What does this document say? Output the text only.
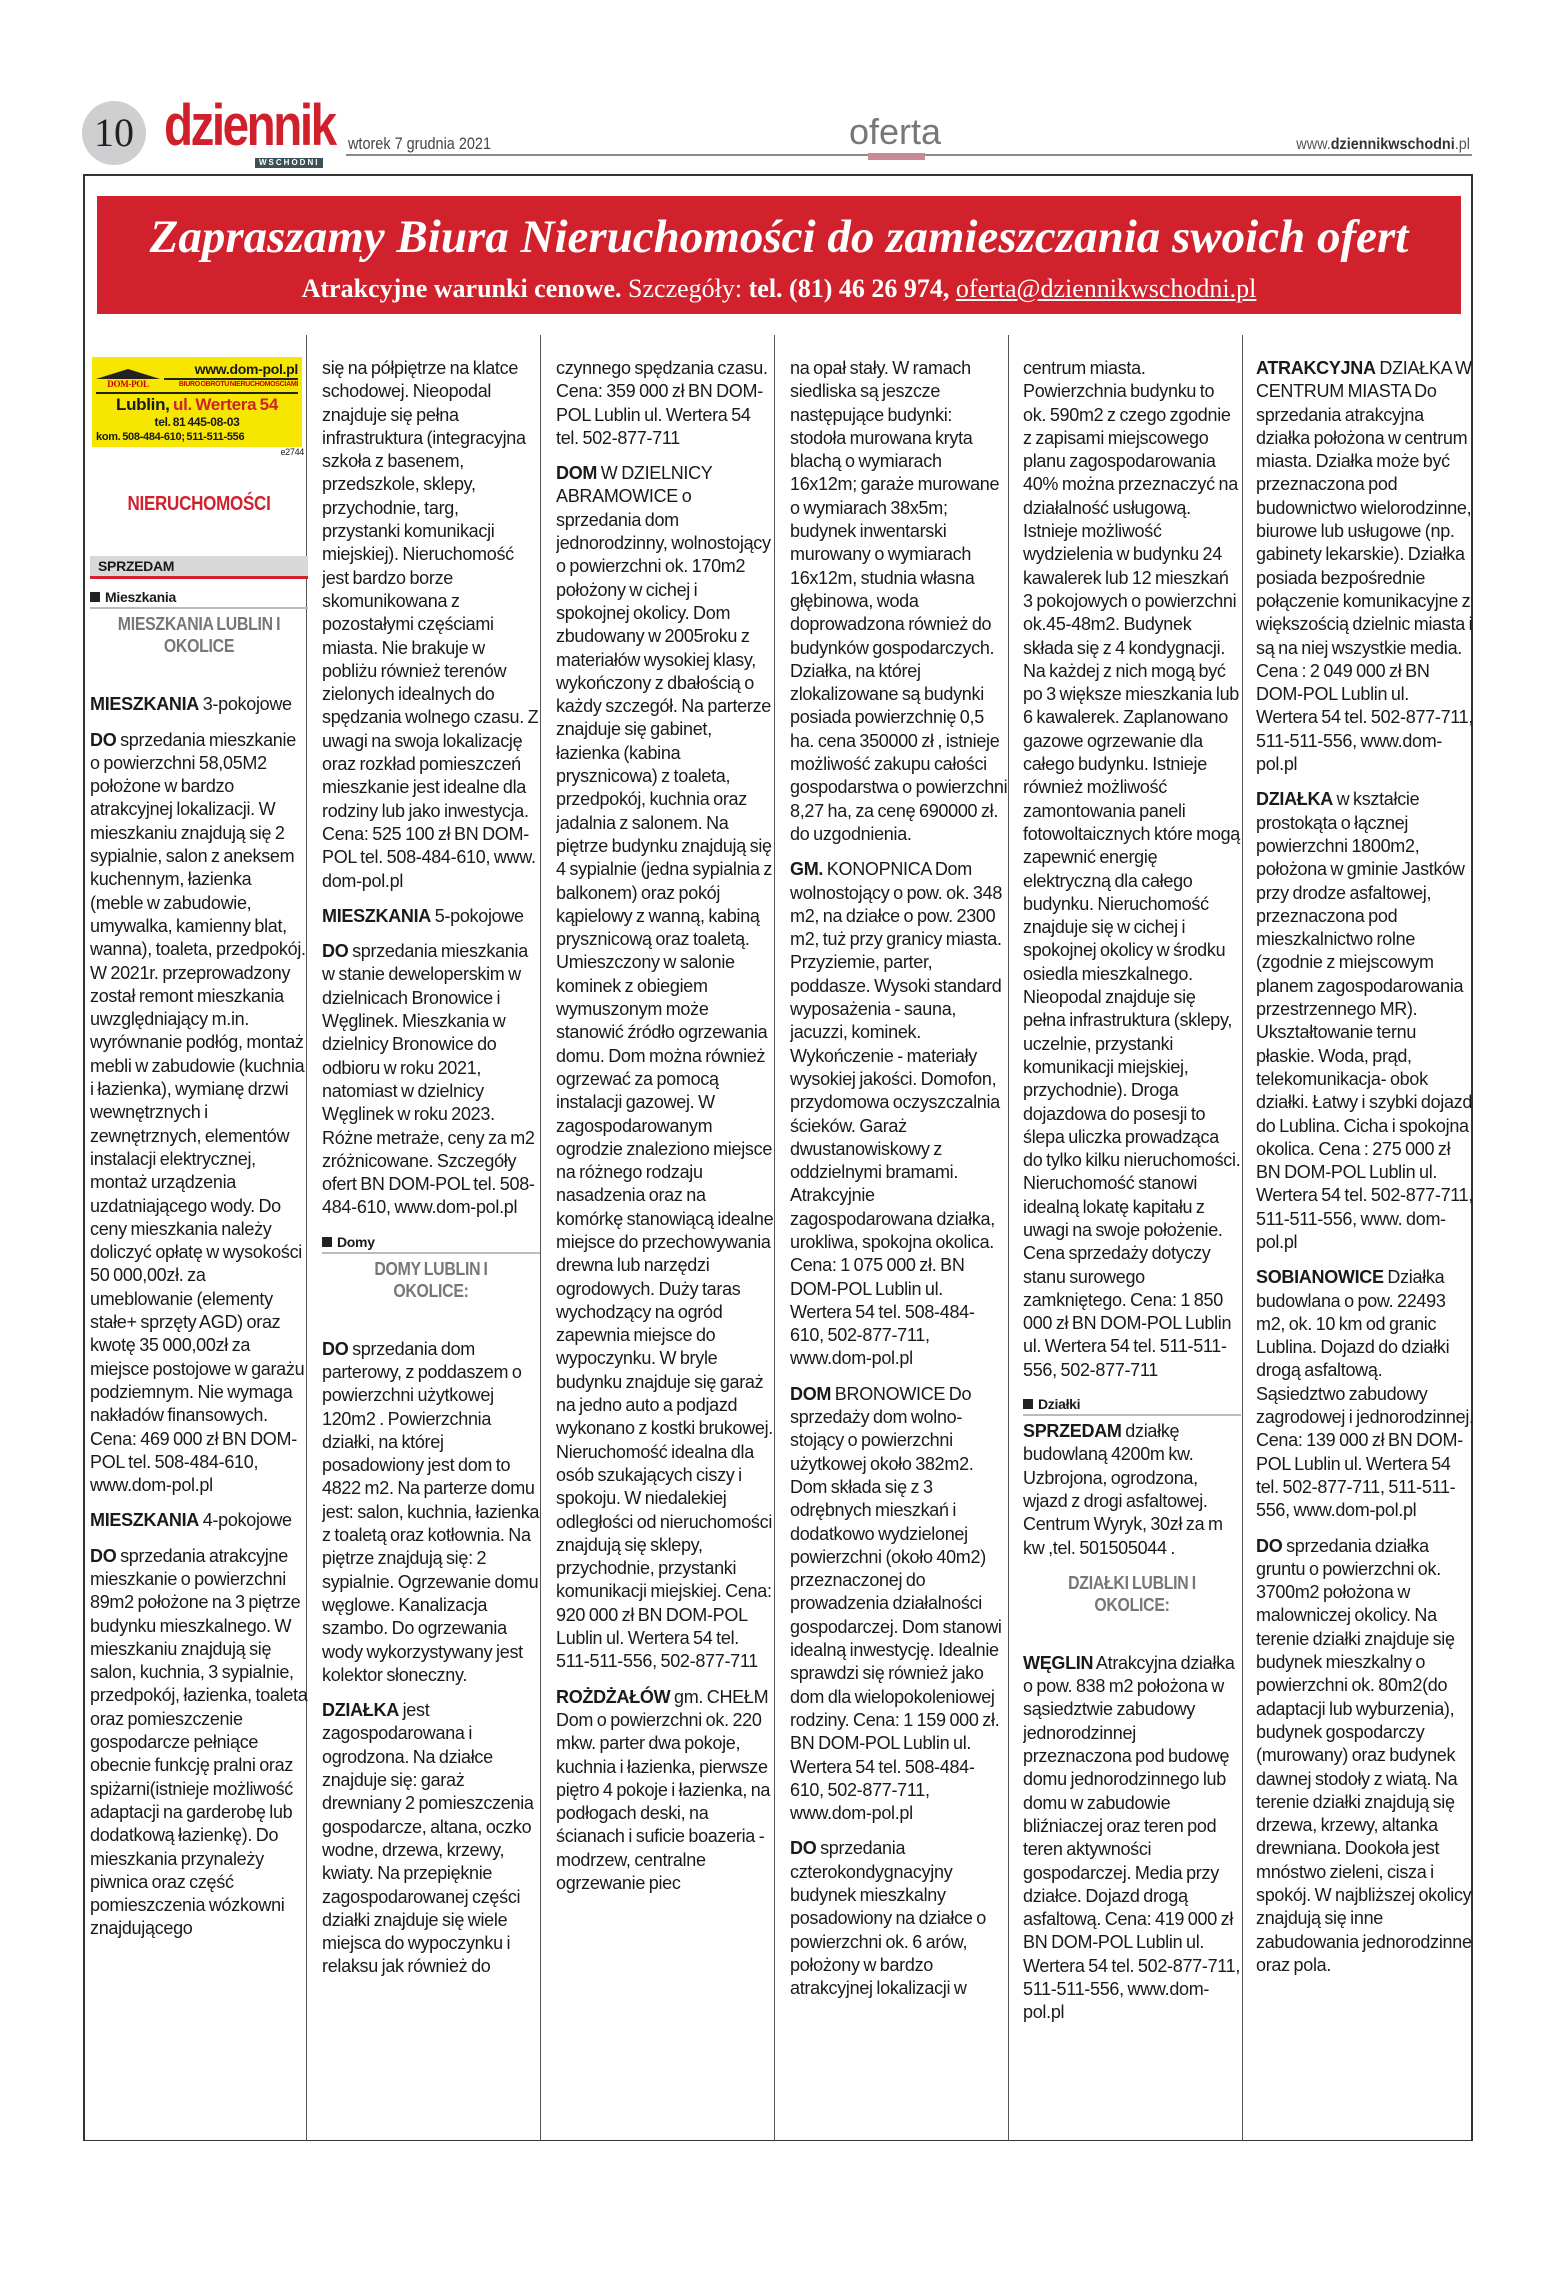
10 dziennik
WSCHODNI
wtorek 7 grudnia 2021	oferta	www.dziennikwschodni.pl
Zapraszamy Biura Nieruchomości do zamieszczania swoich ofert

Atrakcyjne warunki cenowe. Szczegóły: tel. (81) 46 26 974, oferta@dziennikwschodni.pl

DOM-POL
www.dom-pol.pl
BIURO OBROTU NIERUCHOMOŚCIAMI
Lublin, ul. Wertera 54
tel. 81 445-08-03
kom. 508-484-610; 511-511-556
e2744
NIERUCHOMOŚCI
SPRZEDAM
Mieszkania
MIESZKANIA LUBLIN I OKOLICE
MIESZKANIA 3-pokojowe
DO sprzedania mieszkanie o powierzchni 58,05M2 położone w bardzo atrakcyjnej lokalizacji. W mieszkaniu znajdują się 2 sypialnie, salon z aneksem kuchennym, łazienka (meble w zabudowie, umywalka, kamienny blat, wanna), toaleta, przedpokój. W 2021r. przeprowadzony został remont mieszkania uwzględniający m.in. wyrównanie podłóg, montaż mebli w zabudowie (kuchnia i łazienka), wymianę drzwi wewnętrznych i zewnętrznych, elementów instalacji elektrycznej, montaż urządzenia uzdatniającego wody. Do ceny mieszkania należy doliczyć opłatę w wysokości 50 000,00zł. za umeblowanie (elementy stałe+ sprzęty AGD) oraz kwotę 35 000,00zł za miejsce postojowe w garażu podziemnym. Nie wymaga nakładów finansowych. Cena: 469 000 zł BN DOM-POL tel. 508-484-610, www.dom-pol.pl
MIESZKANIA 4-pokojowe
DO sprzedania atrakcyjne mieszkanie o powierzchni 89m2 położone na 3 piętrze budynku mieszkalnego. W mieszkaniu znajdują się salon, kuchnia, 3 sypialnie, przedpokój, łazienka, toaleta oraz pomieszczenie gospodarcze pełniące obecnie funkcję pralni oraz spiżarni(istnieje możliwość adaptacji na garderobę lub dodatkową łazienkę). Do mieszkania przynależy piwnica oraz część pomieszczenia wózkowni znajdującego
się na półpiętrze na klatce schodowej. Nieopodal znajduje się pełna infrastruktura (integracyjna szkoła z basenem, przedszkole, sklepy, przychodnie, targ, przystanki komunikacji miejskiej). Nieruchomość jest bardzo borze skomunikowana z pozostałymi częściami miasta. Nie brakuje w pobliżu również terenów zielonych idealnych do spędzania wolnego czasu. Z uwagi na swoja lokalizację oraz rozkład pomieszczeń mieszkanie jest idealne dla rodziny lub jako inwestycja. Cena: 525 100 zł BN DOM-POL tel. 508-484-610, www. dom-pol.pl
MIESZKANIA 5-pokojowe
DO sprzedania mieszkania w stanie deweloperskim w dzielnicach Bronowice i Węglinek. Mieszkania w dzielnicy Bronowice do odbioru w roku 2021, natomiast w dzielnicy Węglinek w roku 2023. Różne metraże, ceny za m2 zróżnicowane. Szczegóły ofert BN DOM-POL tel. 508-484-610, www.dom-pol.pl
Domy
DOMY LUBLIN I OKOLICE:
DO sprzedania dom parterowy, z poddaszem o powierzchni użytkowej 120m2 . Powierzchnia działki, na której posadowiony jest dom to 4822 m2. Na parterze domu jest: salon, kuchnia, łazienka z toaletą oraz kotłownia. Na piętrze znajdują się: 2 sypialnie. Ogrzewanie domu węglowe. Kanalizacja szambo. Do ogrzewania wody wykorzystywany jest kolektor słoneczny.
DZIAŁKA jest zagospodarowana i ogrodzona. Na działce znajduje się: garaż drewniany 2 pomieszczenia gospodarcze, altana, oczko wodne, drzewa, krzewy, kwiaty. Na przepięknie zagospodarowanej części działki znajduje się wiele miejsca do wypoczynku i relaksu jak również do
czynnego spędzania czasu. Cena: 359 000 zł BN DOM-POL Lublin ul. Wertera 54 tel. 502-877-711
DOM W DZIELNICY ABRAMOWICE o sprzedania dom jednorodzinny, wolnostojący o powierzchni ok. 170m2 położony w cichej i spokojnej okolicy. Dom zbudowany w 2005roku z materiałów wysokiej klasy, wykończony z dbałością o każdy szczegół. Na parterze znajduje się gabinet, łazienka (kabina prysznicowa) z toaleta, przedpokój, kuchnia oraz jadalnia z salonem. Na piętrze budynku znajdują się 4 sypialnie (jedna sypialnia z balkonem) oraz pokój kąpielowy z wanną, kabiną prysznicową oraz toaletą. Umieszczony w salonie kominek z obiegiem wymuszonym może stanowić źródło ogrzewania domu. Dom można również ogrzewać za pomocą instalacji gazowej. W zagospodarowanym ogrodzie znaleziono miejsce na różnego rodzaju nasadzenia oraz na komórkę stanowiącą idealne miejsce do przechowywania drewna lub narzędzi ogrodowych. Duży taras wychodzący na ogród zapewnia miejsce do wypoczynku. W bryle budynku znajduje się garaż na jedno auto a podjazd wykonano z kostki brukowej. Nieruchomość idealna dla osób szukających ciszy i spokoju. W niedalekiej odległości od nieruchomości znajdują się sklepy, przychodnie, przystanki komunikacji miejskiej. Cena: 920 000 zł BN DOM-POL Lublin ul. Wertera 54 tel. 511-511-556, 502-877-711
ROŻDŻAŁÓW gm. CHEŁM Dom o powierzchni ok. 220 mkw. parter dwa pokoje, kuchnia i łazienka, pierwsze piętro 4 pokoje i łazienka, na podłogach deski, na ścianach i suficie boazeria - modrzew, centralne ogrzewanie piec
na opał stały. W ramach siedliska są jeszcze następujące budynki: stodoła murowana kryta blachą o wymiarach 16x12m; garaże murowane o wymiarach 38x5m; budynek inwentarski murowany o wymiarach 16x12m, studnia własna głębinowa, woda doprowadzona również do budynków gospodarczych. Działka, na której zlokalizowane są budynki posiada powierzchnię 0,5 ha. cena 350000 zł , istnieje możliwość zakupu całości gospodarstwa o powierzchni 8,27 ha, za cenę 690000 zł. do uzgodnienia.
GM. KONOPNICA Dom wolnostojący o pow. ok. 348 m2, na działce o pow. 2300 m2, tuż przy granicy miasta. Przyziemie, parter, poddasze. Wysoki standard wyposażenia - sauna, jacuzzi, kominek. Wykończenie - materiały wysokiej jakości. Domofon, przydomowa oczyszczalnia ścieków. Garaż dwustanowiskowy z oddzielnymi bramami. Atrakcyjnie zagospodarowana działka, urokliwa, spokojna okolica. Cena: 1 075 000 zł. BN DOM-POL Lublin ul. Wertera 54 tel. 508-484-610, 502-877-711, www.dom-pol.pl
DOM BRONOWICE Do sprzedaży dom wolno-stojący o powierzchni użytkowej około 382m2. Dom składa się z 3 odrębnych mieszkań i dodatkowo wydzielonej powierzchni (około 40m2) przeznaczonej do prowadzenia działalności gospodarczej. Dom stanowi idealną inwestycję. Idealnie sprawdzi się również jako dom dla wielopokoleniowej rodziny. Cena: 1 159 000 zł. BN DOM-POL Lublin ul. Wertera 54 tel. 508-484-610, 502-877-711, www.dom-pol.pl
DO sprzedania czterokondygnacyjny budynek mieszkalny posadowiony na działce o powierzchni ok. 6 arów, położony w bardzo atrakcyjnej lokalizacji w
centrum miasta. Powierzchnia budynku to ok. 590m2 z czego zgodnie z zapisami miejscowego planu zagospodarowania 40% można przeznaczyć na działalność usługową. Istnieje możliwość wydzielenia w budynku 24 kawalerek lub 12 mieszkań 3 pokojowych o powierzchni ok.45-48m2. Budynek składa się z 4 kondygnacji. Na każdej z nich mogą być po 3 większe mieszkania lub 6 kawalerek. Zaplanowano gazowe ogrzewanie dla całego budynku. Istnieje również możliwość zamontowania paneli fotowoltaicznych które mogą zapewnić energię elektryczną dla całego budynku. Nieruchomość znajduje się w cichej i spokojnej okolicy w środku osiedla mieszkalnego. Nieopodal znajduje się pełna infrastruktura (sklepy, uczelnie, przystanki komunikacji miejskiej, przychodnie). Droga dojazdowa do posesji to ślepa uliczka prowadząca do tylko kilku nieruchomości. Nieruchomość stanowi idealną lokatę kapitału z uwagi na swoje położenie. Cena sprzedaży dotyczy stanu surowego zamkniętego. Cena: 1 850 000 zł BN DOM-POL Lublin ul. Wertera 54 tel. 511-511-556, 502-877-711
Działki
SPRZEDAM działkę budowlaną 4200m kw. Uzbrojona, ogrodzona, wjazd z drogi asfaltowej. Centrum Wyryk, 30zł za m kw ,tel. 501505044 .
DZIAŁKI LUBLIN I OKOLICE:
WĘGLIN Atrakcyjna działka o pow. 838 m2 położona w sąsiedztwie zabudowy jednorodzinnej przeznaczona pod budowę domu jednorodzinnego lub domu w zabudowie bliźniaczej oraz teren pod teren aktywności gospodarczej. Media przy działce. Dojazd drogą asfaltową. Cena: 419 000 zł BN DOM-POL Lublin ul. Wertera 54 tel. 502-877-711, 511-511-556, www.dom-pol.pl
ATRAKCYJNA DZIAŁKA W CENTRUM MIASTA Do sprzedania atrakcyjna działka położona w centrum miasta. Działka może być przeznaczona pod budownictwo wielorodzinne, biurowe lub usługowe (np. gabinety lekarskie). Działka posiada bezpośrednie połączenie komunikacyjne z większością dzielnic miasta i są na niej wszystkie media. Cena : 2 049 000 zł BN DOM-POL Lublin ul. Wertera 54 tel. 502-877-711, 511-511-556, www.dom-pol.pl
DZIAŁKA w kształcie prostokąta o łącznej powierzchni 1800m2, położona w gminie Jastków przy drodze asfaltowej, przeznaczona pod mieszkalnictwo rolne (zgodnie z miejscowym planem zagospodarowania przestrzennego MR). Ukształtowanie ternu płaskie. Woda, prąd, telekomunikacja- obok działki. Łatwy i szybki dojazd do Lublina. Cicha i spokojna okolica. Cena : 275 000 zł BN DOM-POL Lublin ul. Wertera 54 tel. 502-877-711, 511-511-556, www. dom-pol.pl
SOBIANOWICE Działka budowlana o pow. 22493 m2, ok. 10 km od granic Lublina. Dojazd do działki drogą asfaltową. Sąsiedztwo zabudowy zagrodowej i jednorodzinnej. Cena: 139 000 zł BN DOM-POL Lublin ul. Wertera 54 tel. 502-877-711, 511-511-556, www.dom-pol.pl
DO sprzedania działka gruntu o powierzchni ok. 3700m2 położona w malowniczej okolicy. Na terenie działki znajduje się budynek mieszkalny o powierzchni ok. 80m2(do adaptacji lub wyburzenia), budynek gospodarczy (murowany) oraz budynek dawnej stodoły z wiatą. Na terenie działki znajdują się drzewa, krzewy, altanka drewniana. Dookoła jest mnóstwo zieleni, cisza i spokój. W najbliższej okolicy znajdują się inne zabudowania jednorodzinne oraz pola.
